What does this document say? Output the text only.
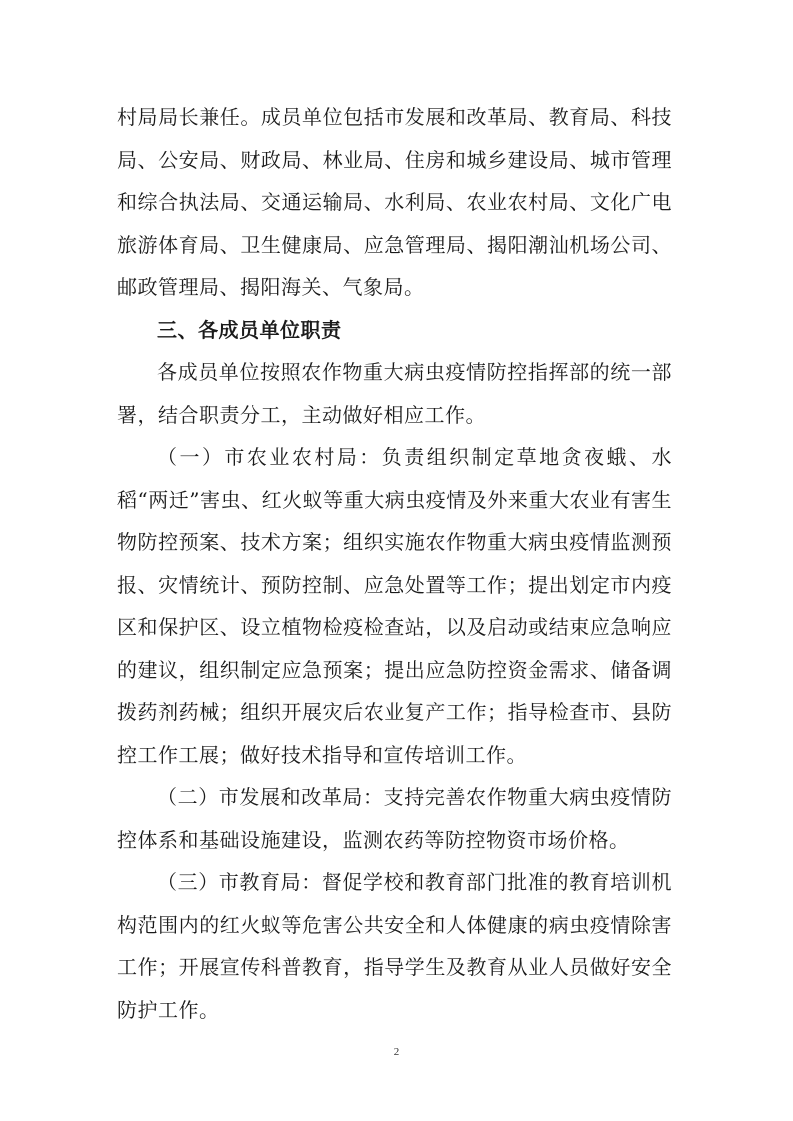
村局局长兼任。成员单位包括市发展和改革局、教育局、科技局、公安局、财政局、林业局、住房和城乡建设局、城市管理和综合执法局、交通运输局、水利局、农业农村局、文化广电旅游体育局、卫生健康局、应急管理局、揭阳潮汕机场公司、邮政管理局、揭阳海关、气象局。

三、各成员单位职责

各成员单位按照农作物重大病虫疫情防控指挥部的统一部署，结合职责分工，主动做好相应工作。

（一）市农业农村局：负责组织制定草地贪夜蛾、水稻“两迁”害虫、红火蚁等重大病虫疫情及外来重大农业有害生物防控预案、技术方案；组织实施农作物重大病虫疫情监测预报、灾情统计、预防控制、应急处置等工作；提出划定市内疫区和保护区、设立植物检疫检查站，以及启动或结束应急响应的建议，组织制定应急预案；提出应急防控资金需求、储备调拨药剂药械；组织开展灾后农业复产工作；指导检查市、县防控工作工展；做好技术指导和宣传培训工作。

（二）市发展和改革局：支持完善农作物重大病虫疫情防控体系和基础设施建设，监测农药等防控物资市场价格。

（三）市教育局：督促学校和教育部门批准的教育培训机构范围内的红火蚁等危害公共安全和人体健康的病虫疫情除害工作；开展宣传科普教育，指导学生及教育从业人员做好安全防护工作。

2
